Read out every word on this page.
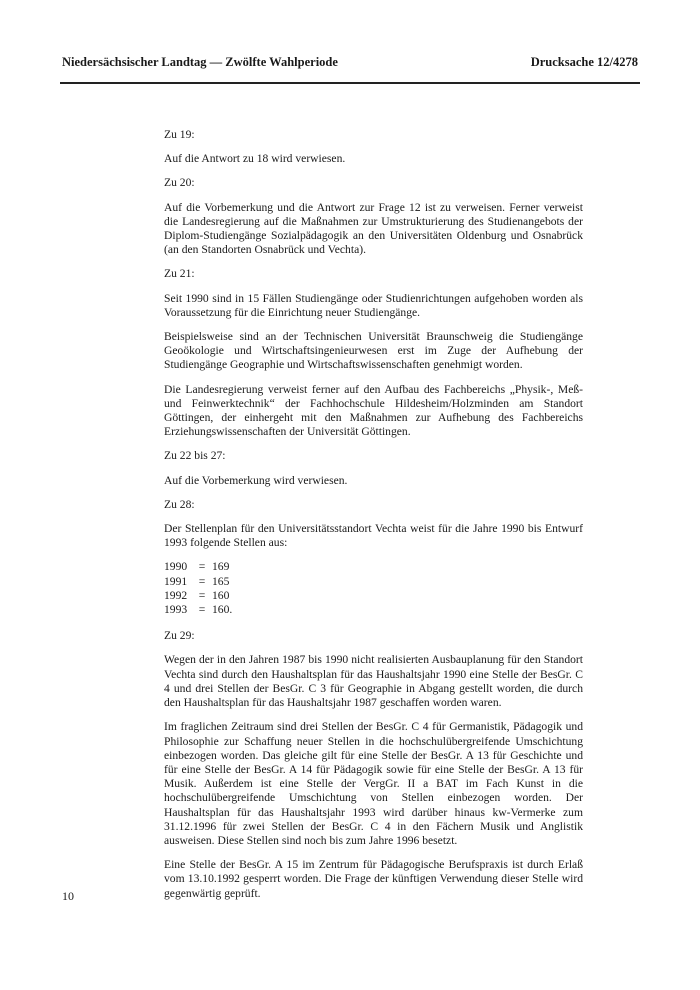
Niedersächsischer Landtag — Zwölfte Wahlperiode	Drucksache 12/4278

Zu 19:

Auf die Antwort zu 18 wird verwiesen.

Zu 20:

Auf die Vorbemerkung und die Antwort zur Frage 12 ist zu verweisen. Ferner verweist die Landesregierung auf die Maßnahmen zur Umstrukturierung des Studienangebots der Diplom-Studiengänge Sozialpädagogik an den Universitäten Oldenburg und Osnabrück (an den Standorten Osnabrück und Vechta).

Zu 21:

Seit 1990 sind in 15 Fällen Studiengänge oder Studienrichtungen aufgehoben worden als Voraussetzung für die Einrichtung neuer Studiengänge.

Beispielsweise sind an der Technischen Universität Braunschweig die Studiengänge Geoökologie und Wirtschaftsingenieurwesen erst im Zuge der Aufhebung der Studiengänge Geographie und Wirtschaftswissenschaften genehmigt worden.

Die Landesregierung verweist ferner auf den Aufbau des Fachbereichs „Physik-, Meß- und Feinwerktechnik“ der Fachhochschule Hildesheim/Holzminden am Standort Göttingen, der einhergeht mit den Maßnahmen zur Aufhebung des Fachbereichs Erziehungswissenschaften der Universität Göttingen.

Zu 22 bis 27:

Auf die Vorbemerkung wird verwiesen.

Zu 28:

Der Stellenplan für den Universitätsstandort Vechta weist für die Jahre 1990 bis Entwurf 1993 folgende Stellen aus:

1990 = 169
1991 = 165
1992 = 160
1993 = 160.

Zu 29:

Wegen der in den Jahren 1987 bis 1990 nicht realisierten Ausbauplanung für den Standort Vechta sind durch den Haushaltsplan für das Haushaltsjahr 1990 eine Stelle der BesGr. C 4 und drei Stellen der BesGr. C 3 für Geographie in Abgang gestellt worden, die durch den Haushaltsplan für das Haushaltsjahr 1987 geschaffen worden waren.

Im fraglichen Zeitraum sind drei Stellen der BesGr. C 4 für Germanistik, Pädagogik und Philosophie zur Schaffung neuer Stellen in die hochschulübergreifende Umschichtung einbezogen worden. Das gleiche gilt für eine Stelle der BesGr. A 13 für Geschichte und für eine Stelle der BesGr. A 14 für Pädagogik sowie für eine Stelle der BesGr. A 13 für Musik. Außerdem ist eine Stelle der VergGr. II a BAT im Fach Kunst in die hochschulübergreifende Umschichtung von Stellen einbezogen worden. Der Haushaltsplan für das Haushaltsjahr 1993 wird darüber hinaus kw-Vermerke zum 31.12.1996 für zwei Stellen der BesGr. C 4 in den Fächern Musik und Anglistik ausweisen. Diese Stellen sind noch bis zum Jahre 1996 besetzt.

Eine Stelle der BesGr. A 15 im Zentrum für Pädagogische Berufspraxis ist durch Erlaß vom 13.10.1992 gesperrt worden. Die Frage der künftigen Verwendung dieser Stelle wird gegenwärtig geprüft.

10
